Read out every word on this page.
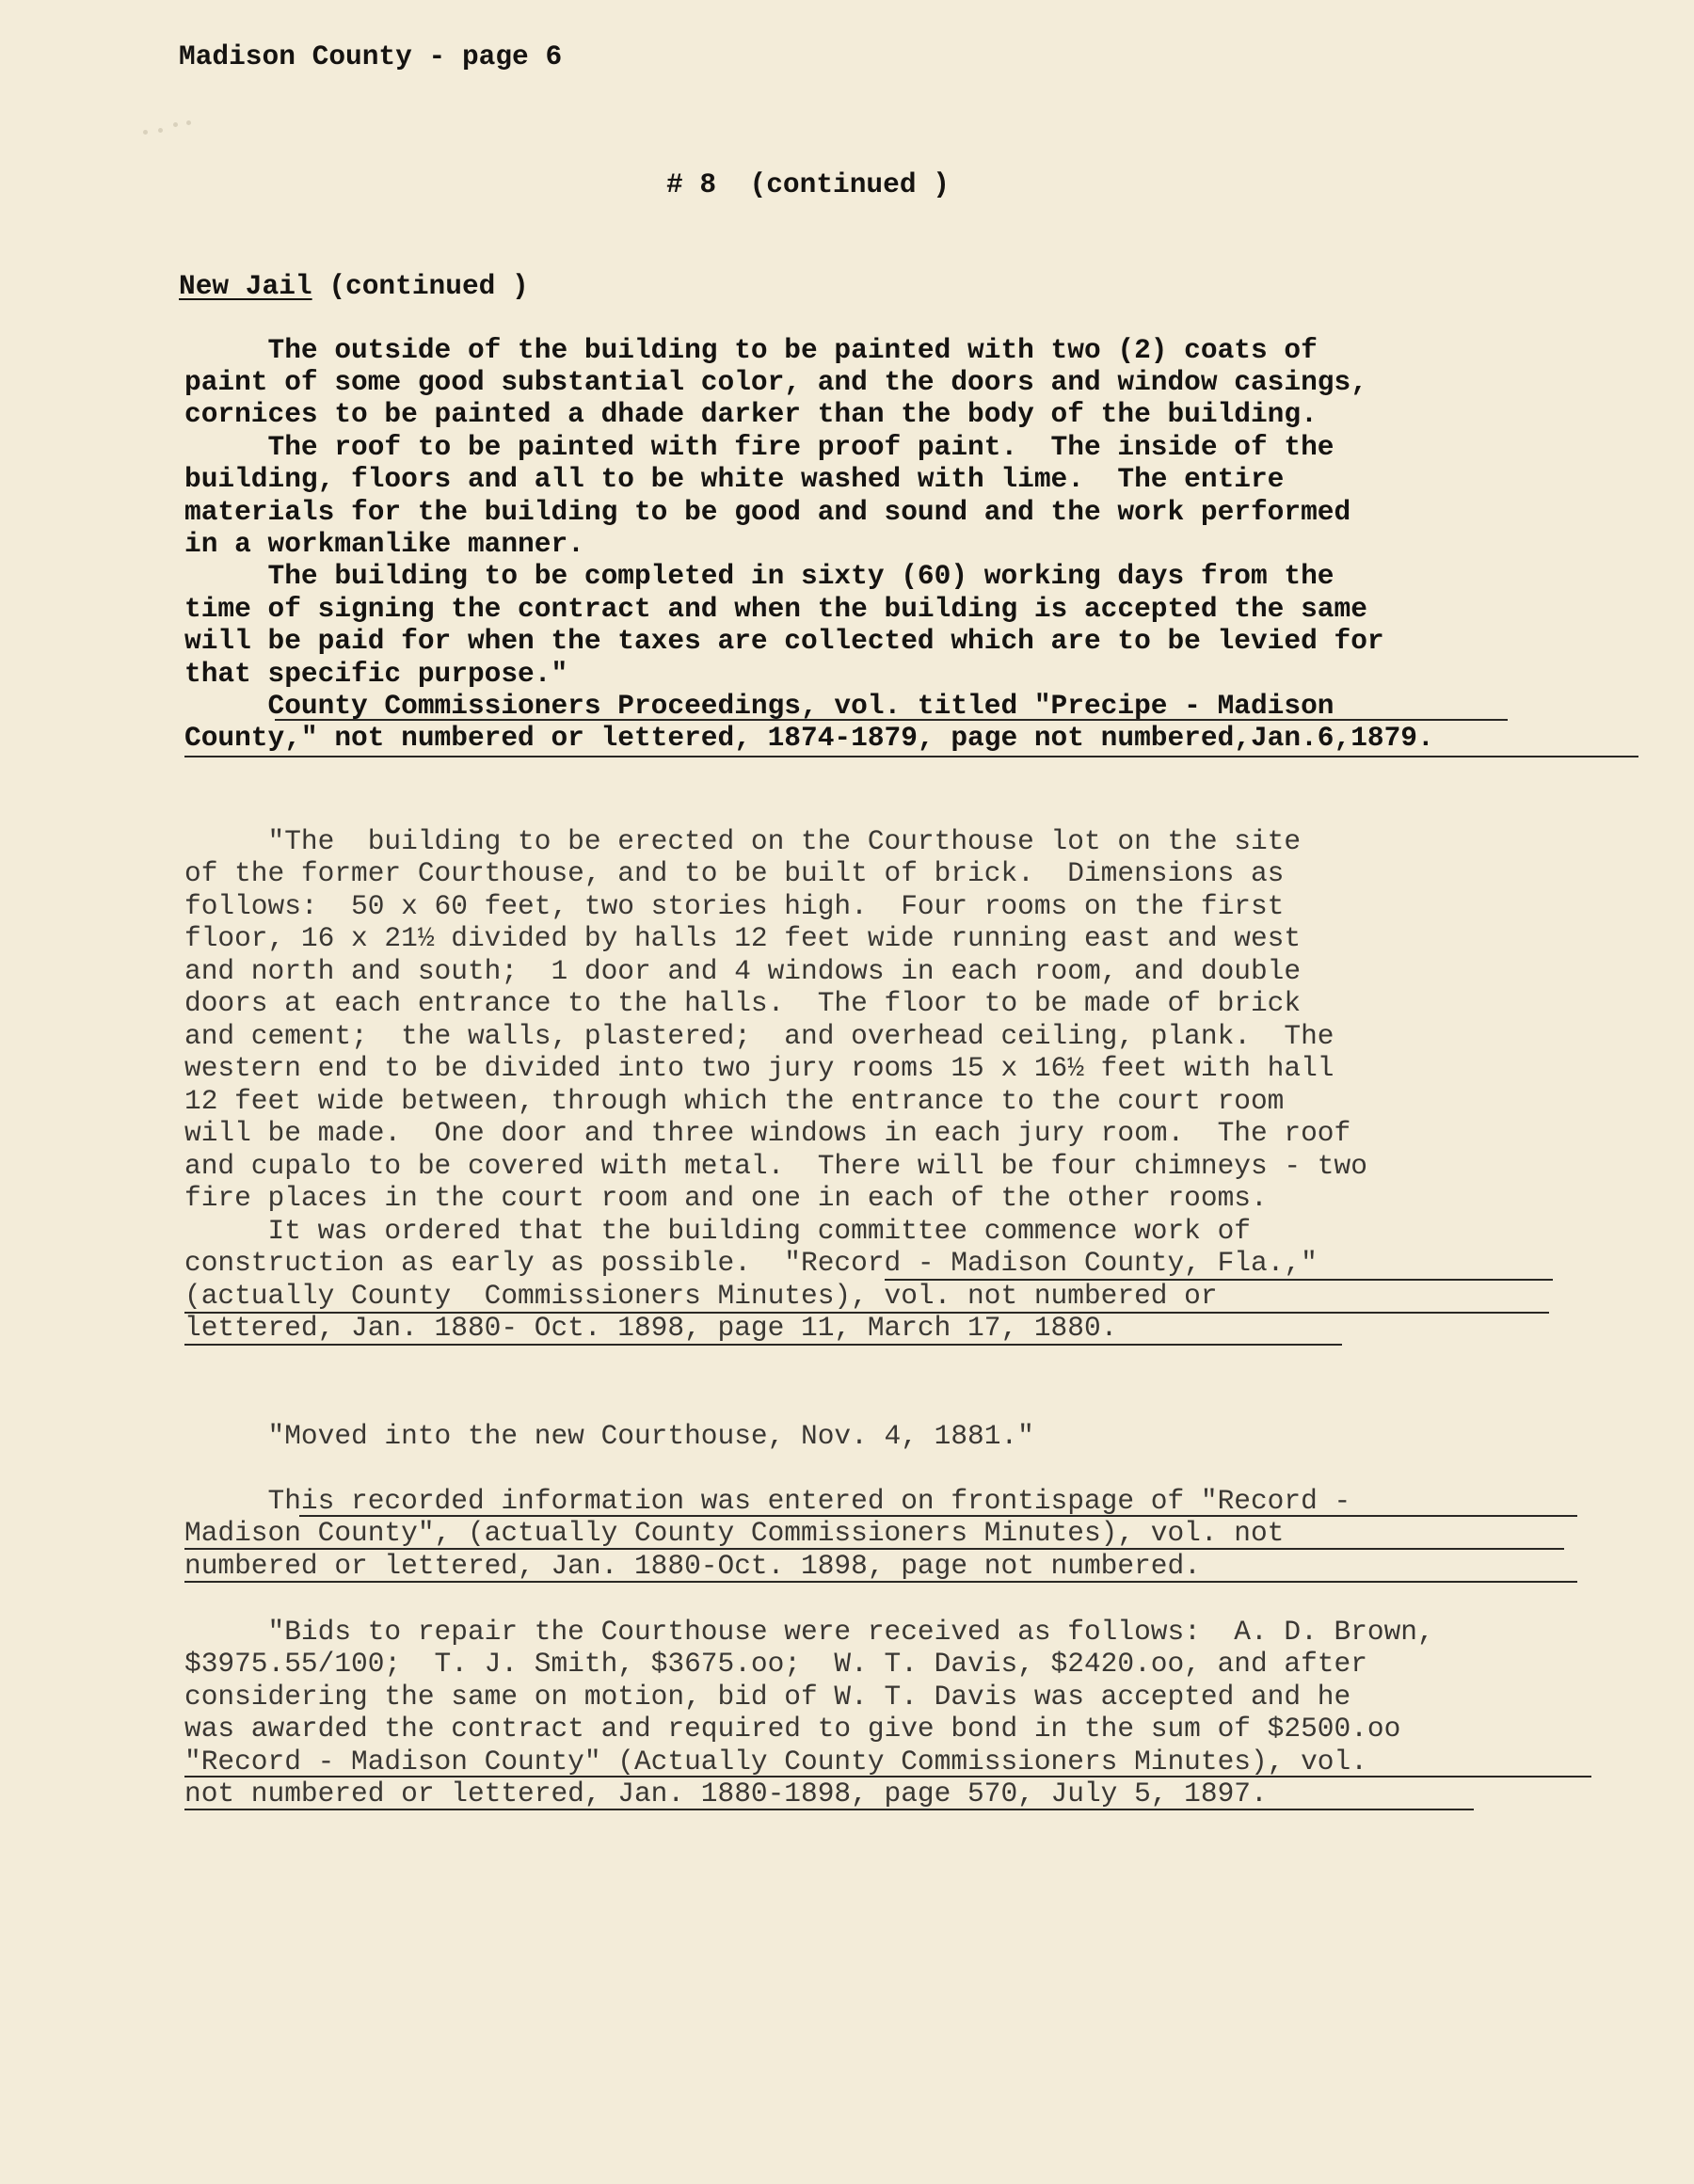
Madison County - page 6
# 8  (continued )
New Jail (continued )
The outside of the building to be painted with two (2) coats of
paint of some good substantial color, and the doors and window casings,
cornices to be painted a dhade darker than the body of the building.
The roof to be painted with fire proof paint.  The inside of the
building, floors and all to be white washed with lime.  The entire
materials for the building to be good and sound and the work performed
in a workmanlike manner.
The building to be completed in sixty (60) working days from the
time of signing the contract and when the building is accepted the same
will be paid for when the taxes are collected which are to be levied for
that specific purpose."
County Commissioners Proceedings, vol. titled "Precipe - Madison
County," not numbered or lettered, 1874-1879, page not numbered,Jan.6,1879.
"The  building to be erected on the Courthouse lot on the site
of the former Courthouse, and to be built of brick.  Dimensions as
follows:  50 x 60 feet, two stories high.  Four rooms on the first
floor, 16 x 21½ divided by halls 12 feet wide running east and west
and north and south;  1 door and 4 windows in each room, and double
doors at each entrance to the halls.  The floor to be made of brick
and cement;  the walls, plastered;  and overhead ceiling, plank.  The
western end to be divided into two jury rooms 15 x 16½ feet with hall
12 feet wide between, through which the entrance to the court room
will be made.  One door and three windows in each jury room.  The roof
and cupalo to be covered with metal.  There will be four chimneys - two
fire places in the court room and one in each of the other rooms.
It was ordered that the building committee commence work of
construction as early as possible.  "Record - Madison County, Fla.,"
(actually County  Commissioners Minutes), vol. not numbered or
lettered, Jan. 1880- Oct. 1898, page 11, March 17, 1880.
"Moved into the new Courthouse, Nov. 4, 1881."
This recorded information was entered on frontispage of "Record -
Madison County", (actually County Commissioners Minutes), vol. not
numbered or lettered, Jan. 1880-Oct. 1898, page not numbered.
"Bids to repair the Courthouse were received as follows:  A. D. Brown,
$3975.55/100;  T. J. Smith, $3675.oo;  W. T. Davis, $2420.oo, and after
considering the same on motion, bid of W. T. Davis was accepted and he
was awarded the contract and required to give bond in the sum of $2500.oo
"Record - Madison County" (Actually County Commissioners Minutes), vol.
not numbered or lettered, Jan. 1880-1898, page 570, July 5, 1897.
